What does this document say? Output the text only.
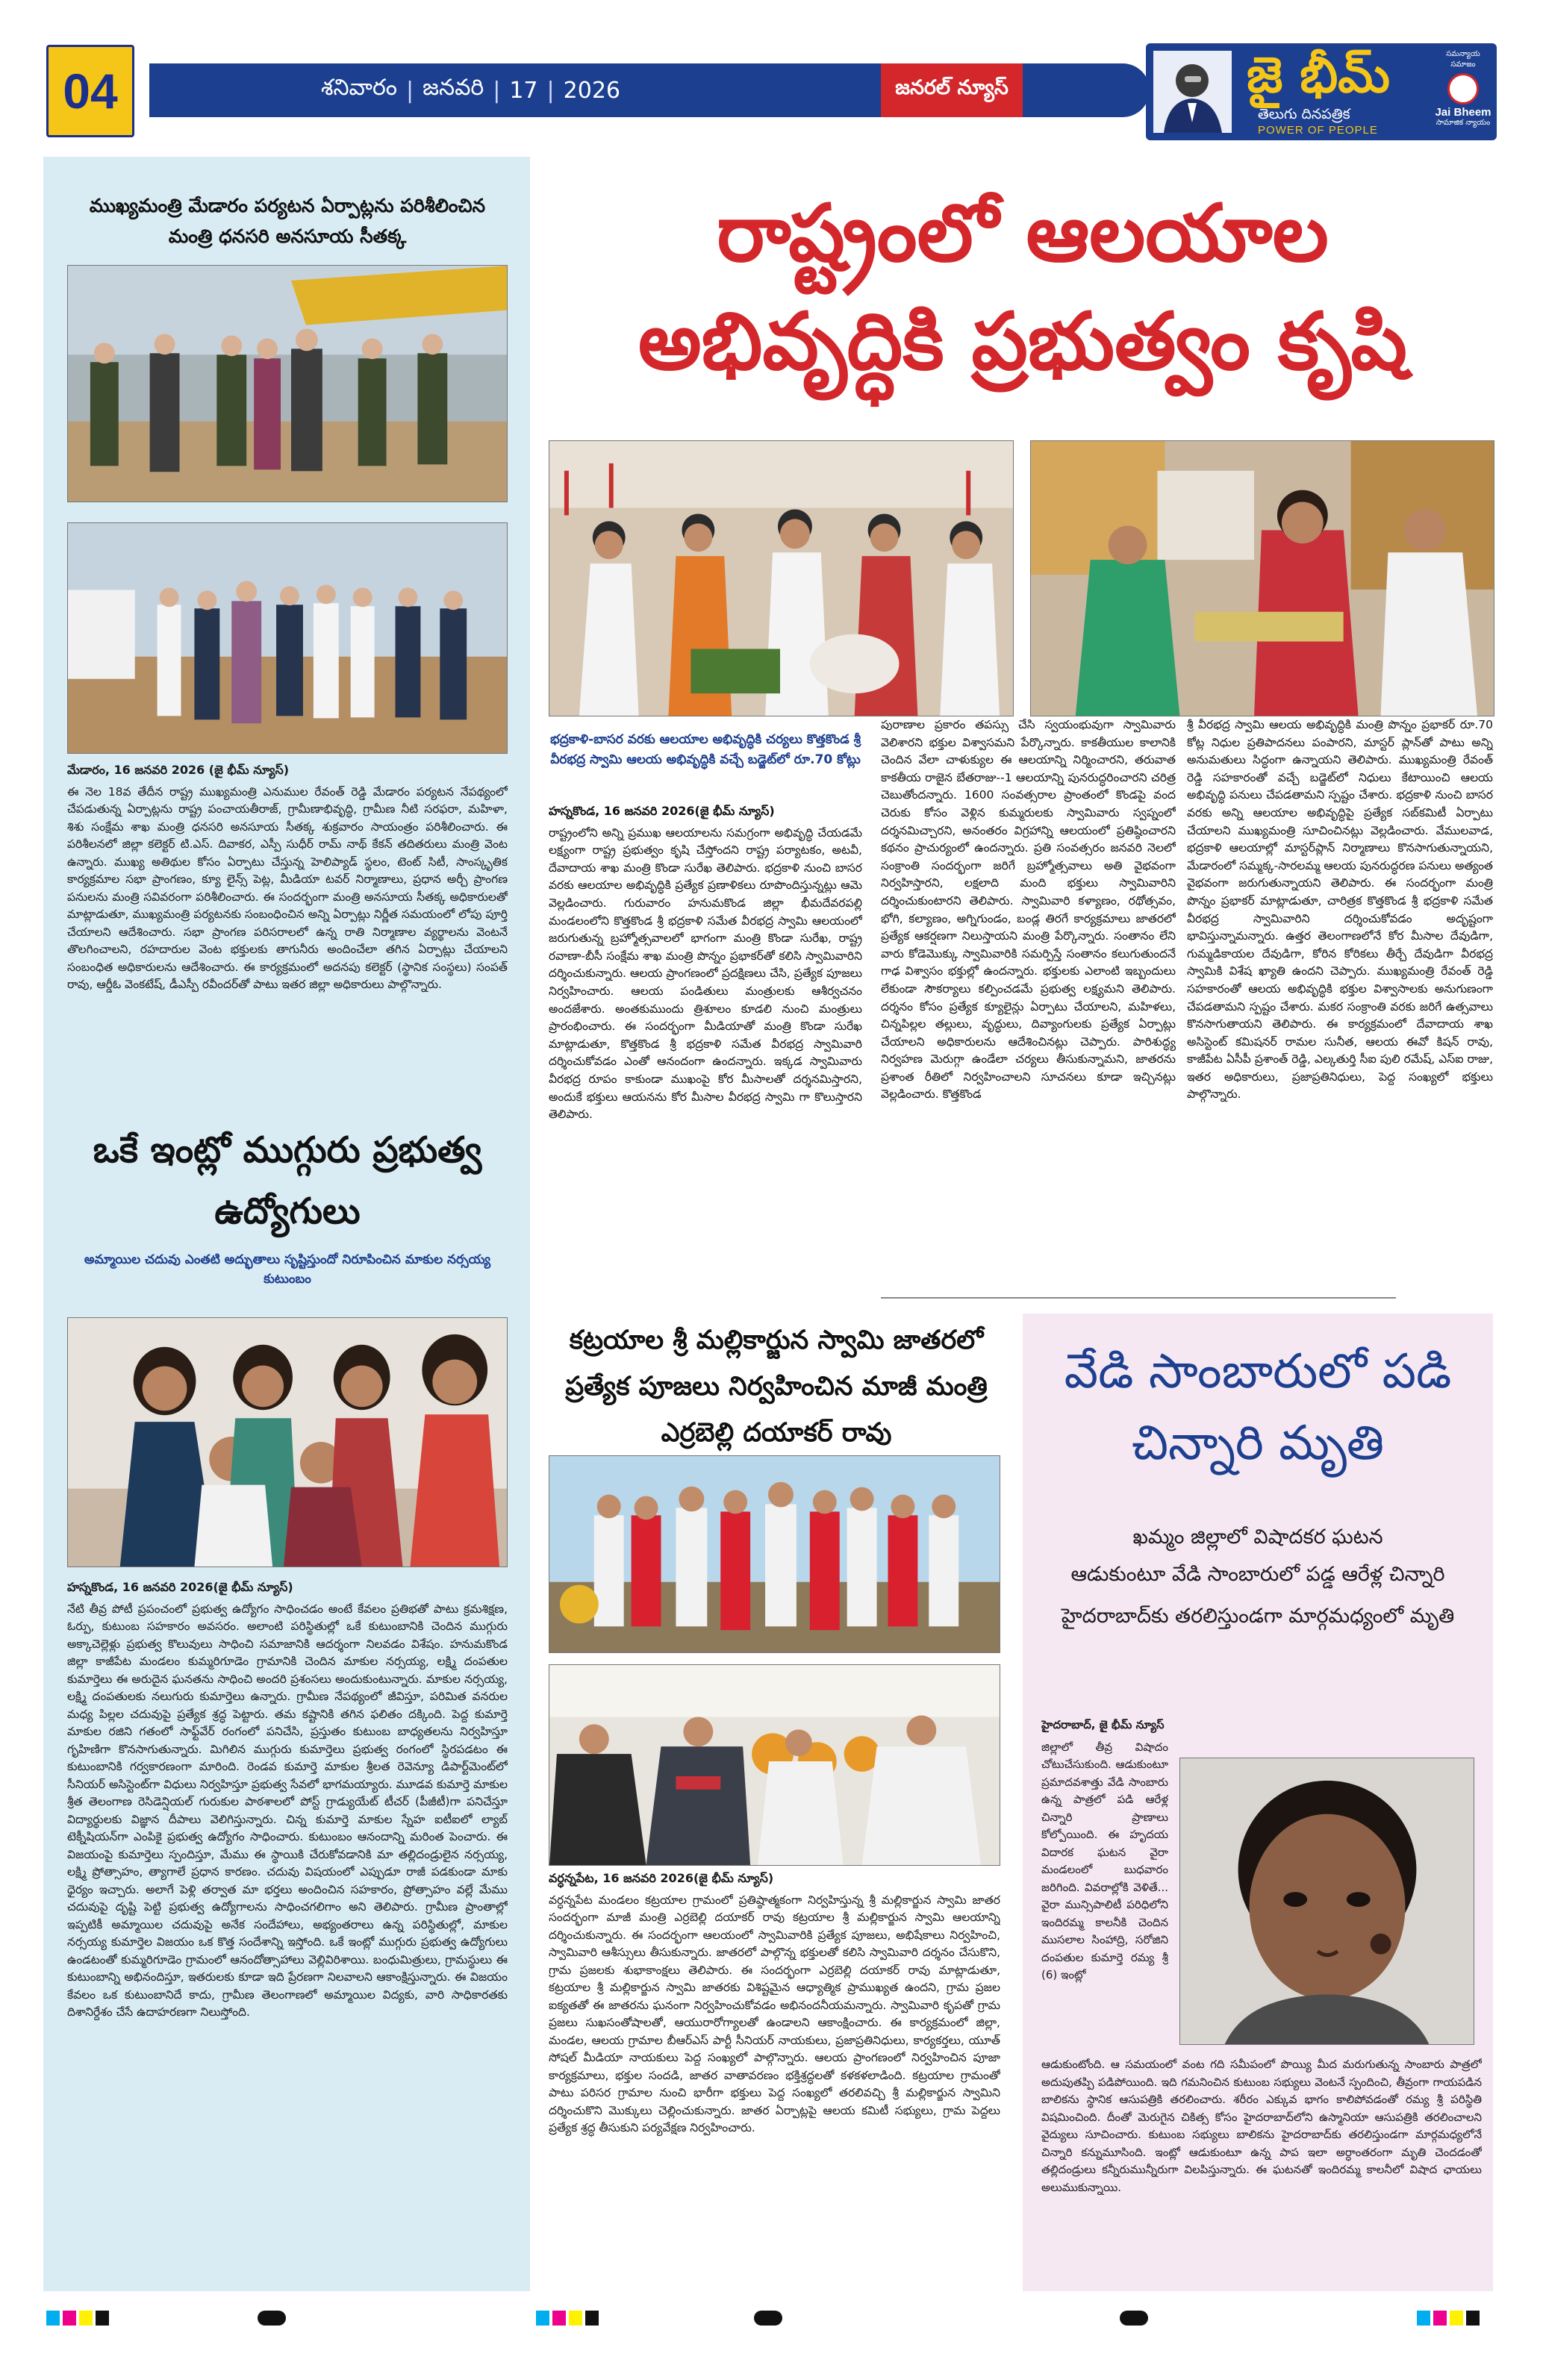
04	శనివారం | జనవరి | 17 | 2026	జనరల్ న్యూస్	జై భీమ్
తెలుగు దినపత్రిక
POWER OF PEOPLE
సమన్యాయ సమాజం
Jai Bheem
సామాజిక న్యాయం
ముఖ్యమంత్రి మేడారం పర్యటన ఏర్పాట్లను పరిశీలించిన మంత్రి ధనసరి అనసూయ సీతక్క
మేడారం, 16 జనవరి 2026 (జై భీమ్ న్యూస్)
ఈ నెల 18వ తేదీన రాష్ట్ర ముఖ్యమంత్రి ఎనుముల రేవంత్ రెడ్డి మేడారం పర్యటన నేపథ్యంలో చేపడుతున్న ఏర్పాట్లను రాష్ట్ర పంచాయతీరాజ్, గ్రామీణాభివృద్ధి, గ్రామీణ నీటి సరఫరా, మహిళా, శిశు సంక్షేమ శాఖ మంత్రి ధనసరి అనసూయ సీతక్క శుక్రవారం సాయంత్రం పరిశీలించారు. ఈ పరిశీలనలో జిల్లా కలెక్టర్ టి.ఎస్. దివాకర, ఎస్పీ సుధీర్ రామ్ నాథ్ కేకన్ తదితరులు మంత్రి వెంట ఉన్నారు. ముఖ్య అతిథుల కోసం ఏర్పాటు చేస్తున్న హెలిప్యాడ్ స్థలం, టెంట్ సిటీ, సాంస్కృతిక కార్యక్రమాల సభా ప్రాంగణం, క్యూ లైన్స్ పెట్ల, మీడియా టవర్ నిర్మాణాలు, ప్రధాన అర్చీ ప్రాంగణ పనులను మంత్రి సవివరంగా పరిశీలించారు. ఈ సందర్భంగా మంత్రి అనసూయ సీతక్క అధికారులతో మాట్లాడుతూ, ముఖ్యమంత్రి పర్యటనకు సంబంధించిన అన్ని ఏర్పాట్లు నిర్ణీత సమయంలో లోపు పూర్తి చేయాలని ఆదేశించారు. సభా ప్రాంగణ పరిసరాలలో ఉన్న రాతి నిర్మాణాల వ్యర్థాలను వెంటనే తొలగించాలని, రహదారుల వెంట భక్తులకు తాగునీరు అందించేలా తగిన ఏర్పాట్లు చేయాలని సంబంధిత అధికారులను ఆదేశించారు. ఈ కార్యక్రమంలో అదనపు కలెక్టర్ (స్థానిక సంస్థలు) సంపత్ రావు, ఆర్డీఓ వెంకటేష్, డీఎస్పీ రవీందర్‌తో పాటు ఇతర జిల్లా అధికారులు పాల్గొన్నారు.
ఒకే ఇంట్లో ముగ్గురు ప్రభుత్వ ఉద్యోగులు
అమ్మాయిల చదువు ఎంతటి అద్భుతాలు సృష్టిస్తుందో నిరూపించిన మాకుల నర్సయ్య కుటుంబం
హస్నకొండ, 16 జనవరి 2026(జై భీమ్ న్యూస్)
నేటి తీవ్ర పోటీ ప్రపంచంలో ప్రభుత్వ ఉద్యోగం సాధించడం అంటే కేవలం ప్రతిభతో పాటు క్రమశిక్షణ, ఓర్పు, కుటుంబ సహకారం అవసరం. అలాంటి పరిస్థితుల్లో ఒకే కుటుంబానికి చెందిన ముగ్గురు అక్కాచెల్లెళ్లు ప్రభుత్వ కొలువులు సాధించి సమాజానికి ఆదర్శంగా నిలవడం విశేషం. హనుమకొండ జిల్లా కాజీపేట మండలం కుమ్మరిగూడెం గ్రామానికి చెందిన మాకుల నర్సయ్య, లక్ష్మి దంపతుల కుమార్తెలు ఈ అరుదైన ఘనతను సాధించి అందరి ప్రశంసలు అందుకుంటున్నారు. మాకుల నర్సయ్య, లక్ష్మి దంపతులకు నలుగురు కుమార్తెలు ఉన్నారు. గ్రామీణ నేపథ్యంలో జీవిస్తూ, పరిమిత వనరుల మధ్య పిల్లల చదువుపై ప్రత్యేక శ్రద్ధ పెట్టారు. తమ కష్టానికి తగిన ఫలితం దక్కింది. పెద్ద కుమార్తె మాకుల రజిని గతంలో సాఫ్ట్‌వేర్ రంగంలో పనిచేసి, ప్రస్తుతం కుటుంబ బాధ్యతలను నిర్వహిస్తూ గృహిణిగా కొనసాగుతున్నారు. మిగిలిన ముగ్గురు కుమార్తెలు ప్రభుత్వ రంగంలో స్థిరపడటం ఈ కుటుంబానికి గర్వకారణంగా మారింది. రెండవ కుమార్తె మాకుల శ్రీలత రెవెన్యూ డిపార్ట్‌మెంట్‌లో సీనియర్ అసిస్టెంట్‌గా విధులు నిర్వహిస్తూ ప్రభుత్వ సేవలో భాగమయ్యారు. మూడవ కుమార్తె మాకుల శ్రీత తెలంగాణ రెసిడెన్షియల్ గురుకుల పాఠశాలలో పోస్ట్ గ్రాడ్యుయేట్ టీచర్ (పీజీటీ)గా పనిచేస్తూ విద్యార్థులకు విజ్ఞాన దీపాలు వెలిగిస్తున్నారు. చిన్న కుమార్తె మాకుల స్నేహ ఐటీఐలో ల్యాబ్ టెక్నీషియన్‌గా ఎంపికై ప్రభుత్వ ఉద్యోగం సాధించారు. కుటుంబం ఆనందాన్ని మరింత పెంచారు. ఈ విజయంపై కుమార్తెలు స్పందిస్తూ, మేము ఈ స్థాయికి చేరుకోవడానికి మా తల్లిదండ్రులైన నర్సయ్య, లక్ష్మి ప్రోత్సాహం, త్యాగాలే ప్రధాన కారణం. చదువు విషయంలో ఎప్పుడూ రాజీ పడకుండా మాకు ధైర్యం ఇచ్చారు. అలాగే పెళ్లి తర్వాత మా భర్తలు అందించిన సహకారం, ప్రోత్సాహం వల్లే మేము చదువుపై దృష్టి పెట్టి ప్రభుత్వ ఉద్యోగాలను సాధించగలిగాం అని తెలిపారు. గ్రామీణ ప్రాంతాల్లో ఇప్పటికీ అమ్మాయిల చదువుపై అనేక సందేహాలు, అభ్యంతరాలు ఉన్న పరిస్థితుల్లో, మాకుల నర్సయ్య కుమార్తెల విజయం ఒక కొత్త సందేశాన్ని ఇస్తోంది. ఒకే ఇంట్లో ముగ్గురు ప్రభుత్వ ఉద్యోగులు ఉండటంతో కుమ్మరిగూడెం గ్రామంలో ఆనందోత్సాహాలు వెల్లివిరిశాయి. బంధుమిత్రులు, గ్రామస్థులు ఈ కుటుంబాన్ని అభినందిస్తూ, ఇతరులకు కూడా ఇది ప్రేరణగా నిలవాలని ఆకాంక్షిస్తున్నారు. ఈ విజయం కేవలం ఒక కుటుంబానిదే కాదు, గ్రామీణ తెలంగాణలో అమ్మాయిల విద్యకు, వారి సాధికారతకు దిశానిర్దేశం చేసే ఉదాహరణగా నిలుస్తోంది.
రాష్ట్రంలో ఆలయాల
అభివృద్ధికి ప్రభుత్వం కృషి
భద్రకాళి-బాసర వరకు ఆలయాల అభివృద్ధికి చర్యలు కొత్తకొండ శ్రీ వీరభద్ర స్వామి ఆలయ అభివృద్ధికి వచ్చే బడ్జెట్‌లో రూ.70 కోట్లు
హస్నకొండ, 16 జనవరి 2026(జై భీమ్ న్యూస్)
రాష్ట్రంలోని అన్ని ప్రముఖ ఆలయాలను సమగ్రంగా అభివృద్ధి చేయడమే లక్ష్యంగా రాష్ట్ర ప్రభుత్వం కృషి చేస్తోందని రాష్ట్ర పర్యాటకం, అటవీ, దేవాదాయ శాఖ మంత్రి కొండా సురేఖ తెలిపారు. భద్రకాళి నుంచి బాసర వరకు ఆలయాల అభివృద్ధికి ప్రత్యేక ప్రణాళికలు రూపొందిస్తున్నట్లు ఆమె వెల్లడించారు. గురువారం హనుమకొండ జిల్లా భీమదేవరపల్లి మండలంలోని కొత్తకొండ శ్రీ భద్రకాళి సమేత వీరభద్ర స్వామి ఆలయంలో జరుగుతున్న బ్రహ్మోత్సవాలలో భాగంగా మంత్రి కొండా సురేఖ, రాష్ట్ర రవాణా-బీసీ సంక్షేమ శాఖ మంత్రి పొన్నం ప్రభాకర్‌తో కలిసి స్వామివారిని దర్శించుకున్నారు. ఆలయ ప్రాంగణంలో ప్రదక్షిణలు చేసి, ప్రత్యేక పూజలు నిర్వహించారు. ఆలయ పండితులు మంత్రులకు ఆశీర్వచనం అందజేశారు. అంతకుముందు త్రిశూలం కూడలి నుంచి మంత్రులు ప్రారంభించారు. ఈ సందర్భంగా మీడియాతో మంత్రి కొండా సురేఖ మాట్లాడుతూ, కొత్తకొండ శ్రీ భద్రకాళి సమేత వీరభద్ర స్వామివారి దర్శించుకోవడం ఎంతో ఆనందంగా ఉందన్నారు. ఇక్కడ స్వామివారు వీరభద్ర రూపం కాకుండా ముఖంపై కోర మీసాలతో దర్శనమిస్తారని, అందుకే భక్తులు ఆయనను కోర మీసాల వీరభద్ర స్వామి గా కొలుస్తారని తెలిపారు.
పురాణాల ప్రకారం తపస్సు చేసి స్వయంభువుగా స్వామివారు వెలిశారని భక్తుల విశ్వాసమని పేర్కొన్నారు. కాకతీయుల కాలానికి చెందిన వేలా చాళుక్యుల ఈ ఆలయాన్ని నిర్మించారని, తరువాత కాకతీయ రాజైన బేతరాజు--1 ఆలయాన్ని పునరుద్ధరించారని చరిత్ర చెబుతోందన్నారు. 1600 సంవత్సరాల ప్రాంతంలో కొండపై వంద చెరుకు కోసం వెళ్లిన కుమ్మరులకు స్వామివారు స్వప్నంలో దర్శనమిచ్చారని, అనంతరం విగ్రహాన్ని ఆలయంలో ప్రతిష్ఠించారని కథనం ప్రాచుర్యంలో ఉందన్నారు. ప్రతి సంవత్సరం జనవరి నెలలో సంక్రాంతి సందర్భంగా జరిగే బ్రహ్మోత్సవాలు అతి వైభవంగా నిర్వహిస్తారని, లక్షలాది మంది భక్తులు స్వామివారిని దర్శించుకుంటారని తెలిపారు. స్వామివారి కళ్యాణం, రథోత్సవం, భోగి, కల్యాణం, అగ్నిగుండం, బండ్ల తిరగే కార్యక్రమాలు జాతరలో ప్రత్యేక ఆకర్షణగా నిలుస్తాయని మంత్రి పేర్కొన్నారు. సంతానం లేని వారు కోడెమొక్కు స్వామివారికి సమర్పిస్తే సంతానం కలుగుతుందనే గాఢ విశ్వాసం భక్తుల్లో ఉందన్నారు. భక్తులకు ఎలాంటి ఇబ్బందులు లేకుండా సౌకర్యాలు కల్పించడమే ప్రభుత్వ లక్ష్యమని తెలిపారు. దర్శనం కోసం ప్రత్యేక క్యూలైన్లు ఏర్పాటు చేయాలని, మహిళలు, చిన్నపిల్లల తల్లులు, వృద్ధులు, దివ్యాంగులకు ప్రత్యేక ఏర్పాట్లు చేయాలని అధికారులను ఆదేశించినట్లు చెప్పారు. పారిశుద్ధ్య నిర్వహణ మెరుగ్గా ఉండేలా చర్యలు తీసుకున్నామని, జాతరను ప్రశాంత రీతిలో నిర్వహించాలని సూచనలు కూడా ఇచ్చినట్లు వెల్లడించారు. కొత్తకొండ
శ్రీ వీరభద్ర స్వామి ఆలయ అభివృద్ధికి మంత్రి పొన్నం ప్రభాకర్ రూ.70 కోట్ల నిధుల ప్రతిపాదనలు పంపారని, మాస్టర్ ప్లాన్‌తో పాటు అన్ని అనుమతులు సిద్ధంగా ఉన్నాయని తెలిపారు. ముఖ్యమంత్రి రేవంత్ రెడ్డి సహకారంతో వచ్చే బడ్జెట్‌లో నిధులు కేటాయించి ఆలయ అభివృద్ధి పనులు చేపడతామని స్పష్టం చేశారు. భద్రకాళి నుంచి బాసర వరకు అన్ని ఆలయాల అభివృద్ధిపై ప్రత్యేక సబ్‌కమిటీ ఏర్పాటు చేయాలని ముఖ్యమంత్రి సూచించినట్లు వెల్లడించారు. వేములవాడ, భద్రకాళి ఆలయాల్లో మాస్టర్‌ప్లాన్ నిర్మాణాలు కొనసాగుతున్నాయని, మేడారంలో సమ్మక్క-సారలమ్మ ఆలయ పునరుద్ధరణ పనులు అత్యంత వైభవంగా జరుగుతున్నాయని తెలిపారు. ఈ సందర్భంగా మంత్రి పొన్నం ప్రభాకర్ మాట్లాడుతూ, చారిత్రక కొత్తకొండ శ్రీ భద్రకాళి సమేత వీరభద్ర స్వామివారిని దర్శించుకోవడం అదృష్టంగా భావిస్తున్నామన్నారు. ఉత్తర తెలంగాణలోనే కోర మీసాల దేవుడిగా, గుమ్మడికాయల దేవుడిగా, కోరిన కోరికలు తీర్చే దేవుడిగా వీరభద్ర స్వామికి విశేష ఖ్యాతి ఉందని చెప్పారు. ముఖ్యమంత్రి రేవంత్ రెడ్డి సహకారంతో ఆలయ అభివృద్ధికి భక్తుల విశ్వాసాలకు అనుగుణంగా చేపడతామని స్పష్టం చేశారు. మకర సంక్రాంతి వరకు జరిగే ఉత్సవాలు కొనసాగుతాయని తెలిపారు. ఈ కార్యక్రమంలో దేవాదాయ శాఖ అసిస్టెంట్ కమిషనర్ రామల సునీత, ఆలయ ఈవో కిషన్ రావు, కాజీపేట ఏసీపీ ప్రశాంత్ రెడ్డి, ఎల్కతుర్తి సీఐ పులి రమేష్, ఎస్ఐ రాజు, ఇతర అధికారులు, ప్రజాప్రతినిధులు, పెద్ద సంఖ్యలో భక్తులు పాల్గొన్నారు.
కట్రయాల శ్రీ మల్లికార్జున స్వామి జాతరలో ప్రత్యేక పూజలు నిర్వహించిన మాజీ మంత్రి ఎర్రబెల్లి దయాకర్ రావు
వర్ధన్నపేట, 16 జనవరి 2026(జై భీమ్ న్యూస్)
వర్ధన్నపేట మండలం కట్రయాల గ్రామంలో ప్రతిష్ఠాత్మకంగా నిర్వహిస్తున్న శ్రీ మల్లికార్జున స్వామి జాతర సందర్భంగా మాజీ మంత్రి ఎర్రబెల్లి దయాకర్ రావు కట్రయాల శ్రీ మల్లికార్జున స్వామి ఆలయాన్ని దర్శించుకున్నారు. ఈ సందర్భంగా ఆలయంలో స్వామివారికి ప్రత్యేక పూజలు, అభిషేకాలు నిర్వహించి, స్వామివారి ఆశీస్సులు తీసుకున్నారు. జాతరలో పాల్గొన్న భక్తులతో కలిసి స్వామివారి దర్శనం చేసుకొని, గ్రామ ప్రజలకు శుభాకాంక్షలు తెలిపారు. ఈ సందర్భంగా ఎర్రబెల్లి దయాకర్ రావు మాట్లాడుతూ, కట్రయాల శ్రీ మల్లికార్జున స్వామి జాతరకు విశిష్టమైన ఆధ్యాత్మిక ప్రాముఖ్యత ఉందని, గ్రామ ప్రజల ఐక్యతతో ఈ జాతరను ఘనంగా నిర్వహించుకోవడం అభినందనీయమన్నారు. స్వామివారి కృపతో గ్రామ ప్రజలు సుఖసంతోషాలతో, ఆయురారోగ్యాలతో ఉండాలని ఆకాంక్షించారు. ఈ కార్యక్రమంలో జిల్లా, మండల, ఆలయ గ్రామాల బీఆర్ఎస్ పార్టీ సీనియర్ నాయకులు, ప్రజాప్రతినిధులు, కార్యకర్తలు, యూత్ సోషల్ మీడియా నాయకులు పెద్ద సంఖ్యలో పాల్గొన్నారు. ఆలయ ప్రాంగణంలో నిర్వహించిన పూజా కార్యక్రమాలు, భక్తుల సందడి, జాతర వాతావరణం భక్తిశ్రద్ధలతో కళకళలాడింది. కట్రయాల గ్రామంతో పాటు పరిసర గ్రామాల నుంచి భారీగా భక్తులు పెద్ద సంఖ్యలో తరలివచ్చి శ్రీ మల్లికార్జున స్వామిని దర్శించుకొని మొక్కులు చెల్లించుకున్నారు. జాతర ఏర్పాట్లపై ఆలయ కమిటీ సభ్యులు, గ్రామ పెద్దలు ప్రత్యేక శ్రద్ధ తీసుకుని పర్యవేక్షణ నిర్వహించారు.
వేడి సాంబారులో పడి చిన్నారి మృతి
ఖమ్మం జిల్లాలో విషాదకర ఘటన
ఆడుకుంటూ వేడి సాంబారులో పడ్డ ఆరేళ్ల చిన్నారి
హైదరాబాద్‌కు తరలిస్తుండగా మార్గమధ్యంలో మృతి
హైదరాబాద్, జై భీమ్ న్యూస్
జిల్లాలో తీవ్ర విషాదం చోటుచేసుకుంది. ఆడుకుంటూ ప్రమాదవశాత్తు వేడి సాంబారు ఉన్న పాత్రలో పడి ఆరేళ్ల చిన్నారి ప్రాణాలు కోల్పోయింది. ఈ హృదయ విదారక ఘటన వైరా మండలంలో బుధవారం జరిగింది. వివరాల్లోకి వెళితే... వైరా మున్సిపాలిటీ పరిధిలోని ఇందిరమ్మ కాలనీకి చెందిన ముసలాల సింహాద్రి, సరోజిని దంపతుల కుమార్తె రమ్య శ్రీ (6) ఇంట్లో
ఆడుకుంటోంది. ఆ సమయంలో వంట గది సమీపంలో పొయ్యి మీద మరుగుతున్న సాంబారు పాత్రలో అదుపుతప్పి పడిపోయింది. ఇది గమనించిన కుటుంబ సభ్యులు వెంటనే స్పందించి, తీవ్రంగా గాయపడిన బాలికను స్థానిక ఆసుపత్రికి తరలించారు. శరీరం ఎక్కువ భాగం కాలిపోవడంతో రమ్య శ్రీ పరిస్థితి విషమించింది. దీంతో మెరుగైన చికిత్స కోసం హైదరాబాద్‌లోని ఉస్మానియా ఆసుపత్రికి తరలించాలని వైద్యులు సూచించారు. కుటుంబ సభ్యులు బాలికను హైదరాబాద్‌కు తరలిస్తుండగా మార్గమధ్యలోనే చిన్నారి కన్నుమూసింది. ఇంట్లో ఆడుకుంటూ ఉన్న పాప ఇలా అర్ధాంతరంగా మృతి చెందడంతో తల్లిదండ్రులు కన్నీరుమున్నీరుగా విలపిస్తున్నారు. ఈ ఘటనతో ఇందిరమ్మ కాలనీలో విషాద ఛాయలు అలుముకున్నాయి.
